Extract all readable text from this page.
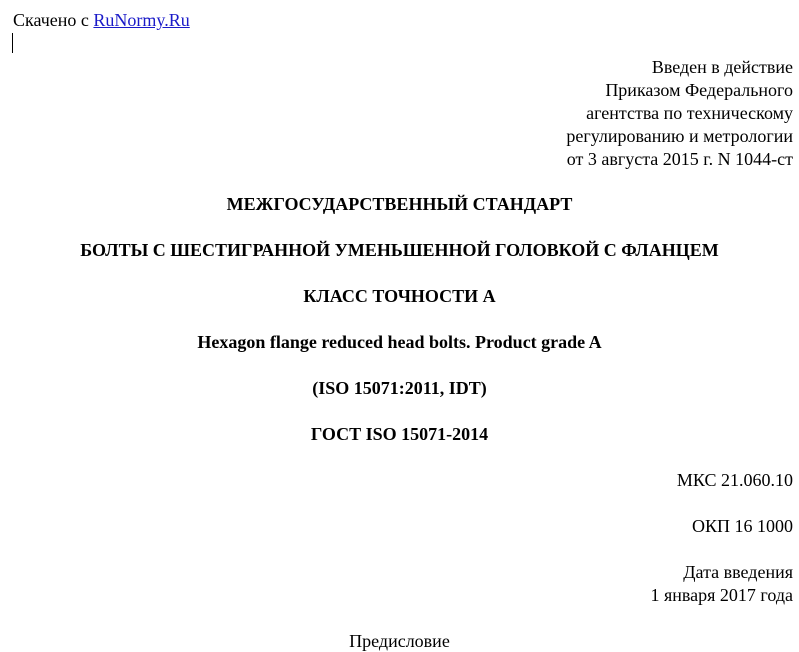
Скачено с RuNormy.Ru
Введен в действие
Приказом Федерального
агентства по техническому
регулированию и метрологии
от 3 августа 2015 г. N 1044-ст
МЕЖГОСУДАРСТВЕННЫЙ СТАНДАРТ
БОЛТЫ С ШЕСТИГРАННОЙ УМЕНЬШЕННОЙ ГОЛОВКОЙ С ФЛАНЦЕМ
КЛАСС ТОЧНОСТИ А
Hexagon flange reduced head bolts. Product grade A
(ISO 15071:2011, IDT)
ГОСТ ISO 15071-2014
МКС 21.060.10
ОКП 16 1000
Дата введения
1 января 2017 года
Предисловие
